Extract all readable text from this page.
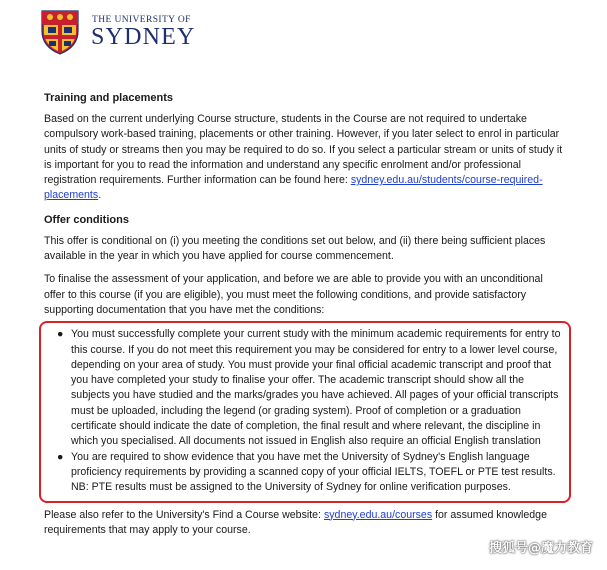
THE UNIVERSITY OF
SYDNEY
Training and placements

Based on the current underlying Course structure, students in the Course are not required to undertake compulsory work-based training, placements or other training. However, if you later select to enrol in particular units of study or streams then you may be required to do so. If you select a particular stream or units of study it is important for you to read the information and understand any specific enrolment and/or professional registration requirements. Further information can be found here: sydney.edu.au/students/course-required-placements.

Offer conditions

This offer is conditional on (i) you meeting the conditions set out below, and (ii) there being sufficient places available in the year in which you have applied for course commencement.

To finalise the assessment of your application, and before we are able to provide you with an unconditional offer to this course (if you are eligible), you must meet the following conditions, and provide satisfactory supporting documentation that you have met the conditions:

● You must successfully complete your current study with the minimum academic requirements for entry to this course. If you do not meet this requirement you may be considered for entry to a lower level course, depending on your area of study. You must provide your final official academic transcript and proof that you have completed your study to finalise your offer. The academic transcript should show all the subjects you have studied and the marks/grades you have achieved. All pages of your official transcripts must be uploaded, including the legend (or grading system). Proof of completion or a graduation certificate should indicate the date of completion, the final result and where relevant, the discipline in which you specialised. All documents not issued in English also require an official English translation
● You are required to show evidence that you have met the University of Sydney's English language proficiency requirements by providing a scanned copy of your official IELTS, TOEFL or PTE test results. NB: PTE results must be assigned to the University of Sydney for online verification purposes.

Please also refer to the University's Find a Course website: sydney.edu.au/courses for assumed knowledge requirements that may apply to your course.

搜狐号@魔力教育
